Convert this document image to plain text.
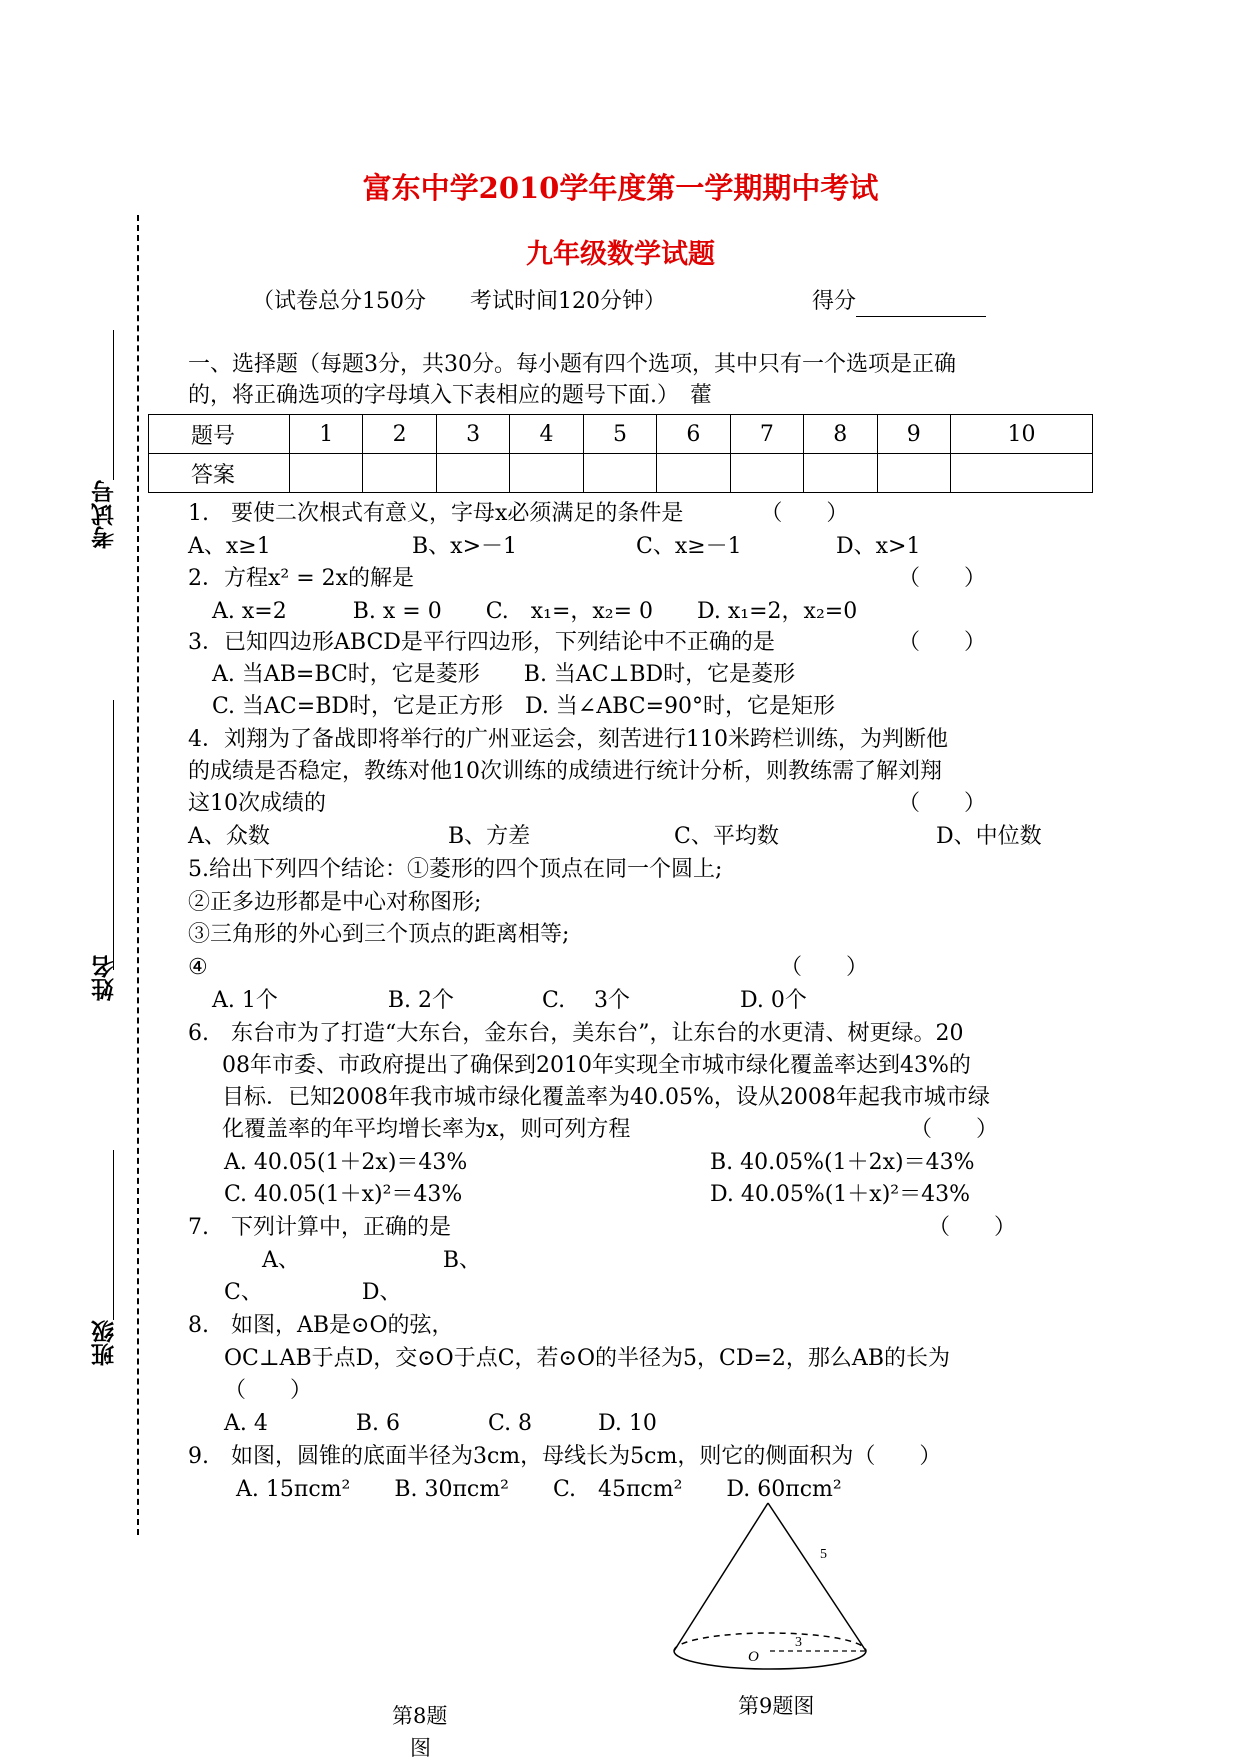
富东中学2010学年度第一学期期中考试
九年级数学试题
（试卷总分150分　　考试时间120分钟）	得分
考试号
姓名
班级
一、选择题（每题3分，共30分。每小题有四个选项，其中只有一个选项是正确
的，将正确选项的字母填入下表相应的题号下面.）　藿
题号	1	2	3	4	5	6	7	8	9	10
答案										
1.　要使二次根式有意义，字母x必须满足的条件是　　　　（　　）
A、x≥1	B、x>－1	C、x≥－1	D、x>1
2．方程x² = 2x的解是	（　　）
A. x=2　　　B. x = 0　　C.　x₁=，x₂= 0　　D. x₁=2，x₂=0
3．已知四边形ABCD是平行四边形，下列结论中不正确的是	（　　）
A. 当AB=BC时，它是菱形　　B. 当AC⊥BD时，它是菱形
C. 当AC=BD时，它是正方形　D. 当∠ABC=90°时，它是矩形
4．刘翔为了备战即将举行的广州亚运会，刻苦进行110米跨栏训练，为判断他
的成绩是否稳定，教练对他10次训练的成绩进行统计分析，则教练需了解刘翔
这10次成绩的	（　　）
A、众数	B、方差	C、平均数	D、中位数
5.给出下列四个结论：①菱形的四个顶点在同一个圆上;
②正多边形都是中心对称图形;
③三角形的外心到三个顶点的距离相等;
④	（　　）
A. 1个　　　　　B. 2个　　　　C.　 3个　　　　　D. 0个
6.　东台市为了打造“大东台，金东台，美东台”，让东台的水更清、树更绿。20
08年市委、市政府提出了确保到2010年实现全市城市绿化覆盖率达到43%的
目标．已知2008年我市城市绿化覆盖率为40.05%，设从2008年起我市城市绿
化覆盖率的年平均增长率为x，则可列方程	（　　）
A. 40.05(1＋2x)＝43%	B. 40.05%(1＋2x)＝43%
C. 40.05(1＋x)²＝43%	D. 40.05%(1＋x)²＝43%
7.　下列计算中，正确的是	（　　）
A、　　　　　　　B、
C、　　　　　D、
8.　如图，AB是⊙O的弦，
OC⊥AB于点D，交⊙O于点C，若⊙O的半径为5，CD=2，那么AB的长为
（　　）
A. 4　　　　B. 6　　　　C. 8　　　D. 10
9.　如图，圆锥的底面半径为3cm，母线长为5cm，则它的侧面积为（　　）
A. 15πcm²　　B. 30πcm²　　C.　45πcm²　　D. 60πcm²
5
3
O
第9题图
第8题
图
